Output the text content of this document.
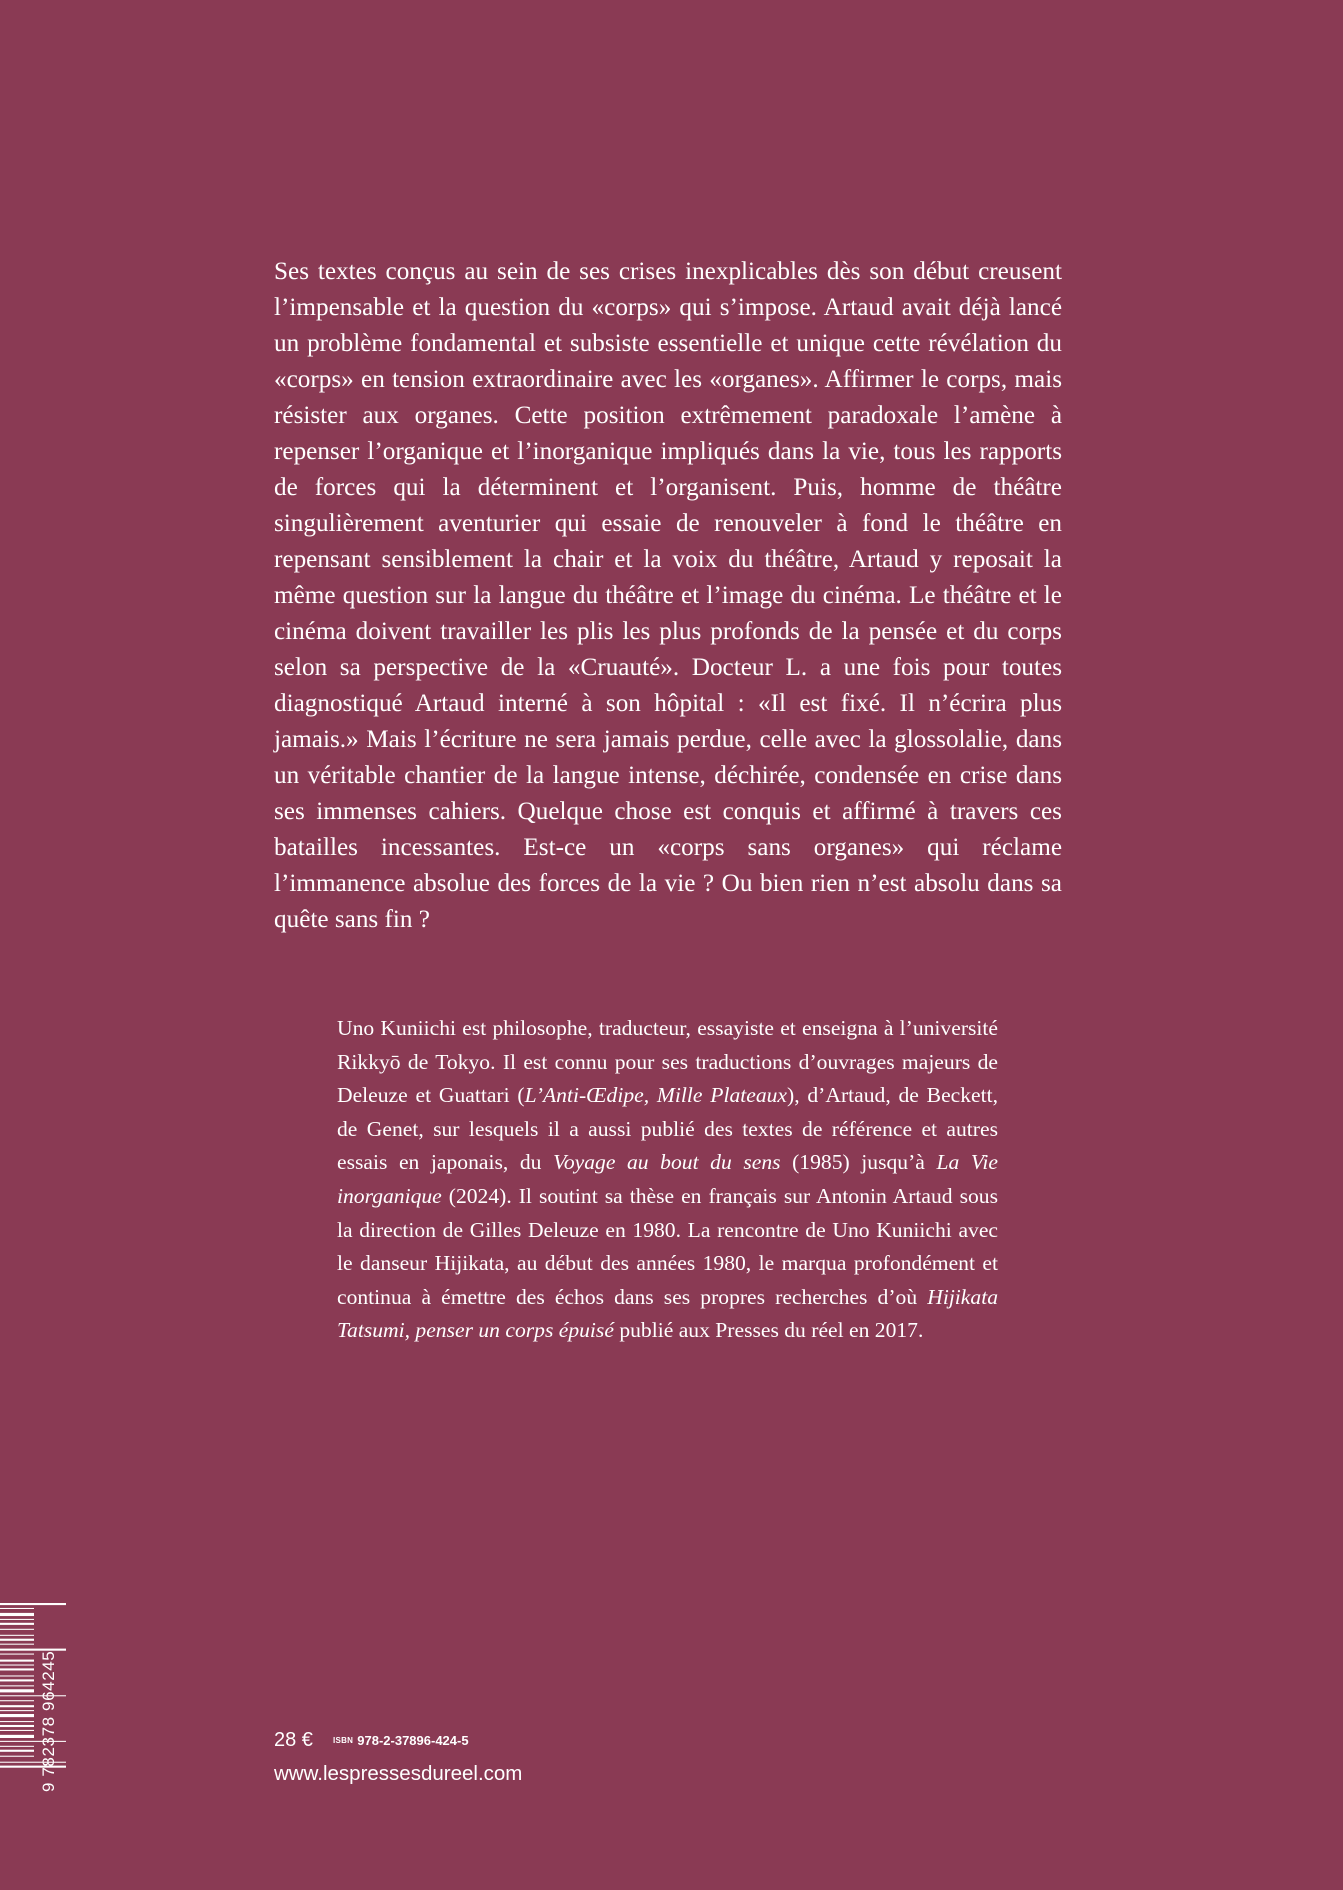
Ses textes conçus au sein de ses crises inexplicables dès son début creusent l’impensable et la question du «corps» qui s’impose. Artaud avait déjà lancé un problème fondamental et subsiste essentielle et unique cette révélation du «corps» en tension extraordinaire avec les «organes». Affirmer le corps, mais résister aux organes. Cette position extrêmement paradoxale l’amène à repenser l’organique et l’inorganique impliqués dans la vie, tous les rapports de forces qui la déterminent et l’organisent. Puis, homme de théâtre singulièrement aventurier qui essaie de renouveler à fond le théâtre en repensant sensiblement la chair et la voix du théâtre, Artaud y reposait la même question sur la langue du théâtre et l’image du cinéma. Le théâtre et le cinéma doivent travailler les plis les plus profonds de la pensée et du corps selon sa perspective de la «Cruauté». Docteur L. a une fois pour toutes diagnostiqué Artaud interné à son hôpital : «Il est fixé. Il n’écrira plus jamais.» Mais l’écriture ne sera jamais perdue, celle avec la glossolalie, dans un véritable chantier de la langue intense, déchirée, condensée en crise dans ses immenses cahiers. Quelque chose est conquis et affirmé à travers ces batailles incessantes. Est-ce un «corps sans organes» qui réclame l’immanence absolue des forces de la vie ? Ou bien rien n’est absolu dans sa quête sans fin ?

Uno Kuniichi est philosophe, traducteur, essayiste et enseigna à l’université Rikkyō de Tokyo. Il est connu pour ses traductions d’ouvrages majeurs de Deleuze et Guattari (L’Anti-Œdipe, Mille Plateaux), d’Artaud, de Beckett, de Genet, sur lesquels il a aussi publié des textes de référence et autres essais en japonais, du Voyage au bout du sens (1985) jusqu’à La Vie inorganique (2024). Il soutint sa thèse en français sur Antonin Artaud sous la direction de Gilles Deleuze en 1980. La rencontre de Uno Kuniichi avec le danseur Hijikata, au début des années 1980, le marqua profondément et continua à émettre des échos dans ses propres recherches d’où Hijikata Tatsumi, penser un corps épuisé publié aux Presses du réel en 2017.

28 €	ISBN 978-2-37896-424-5
www.lespressesdureel.com
9 782378 964245
